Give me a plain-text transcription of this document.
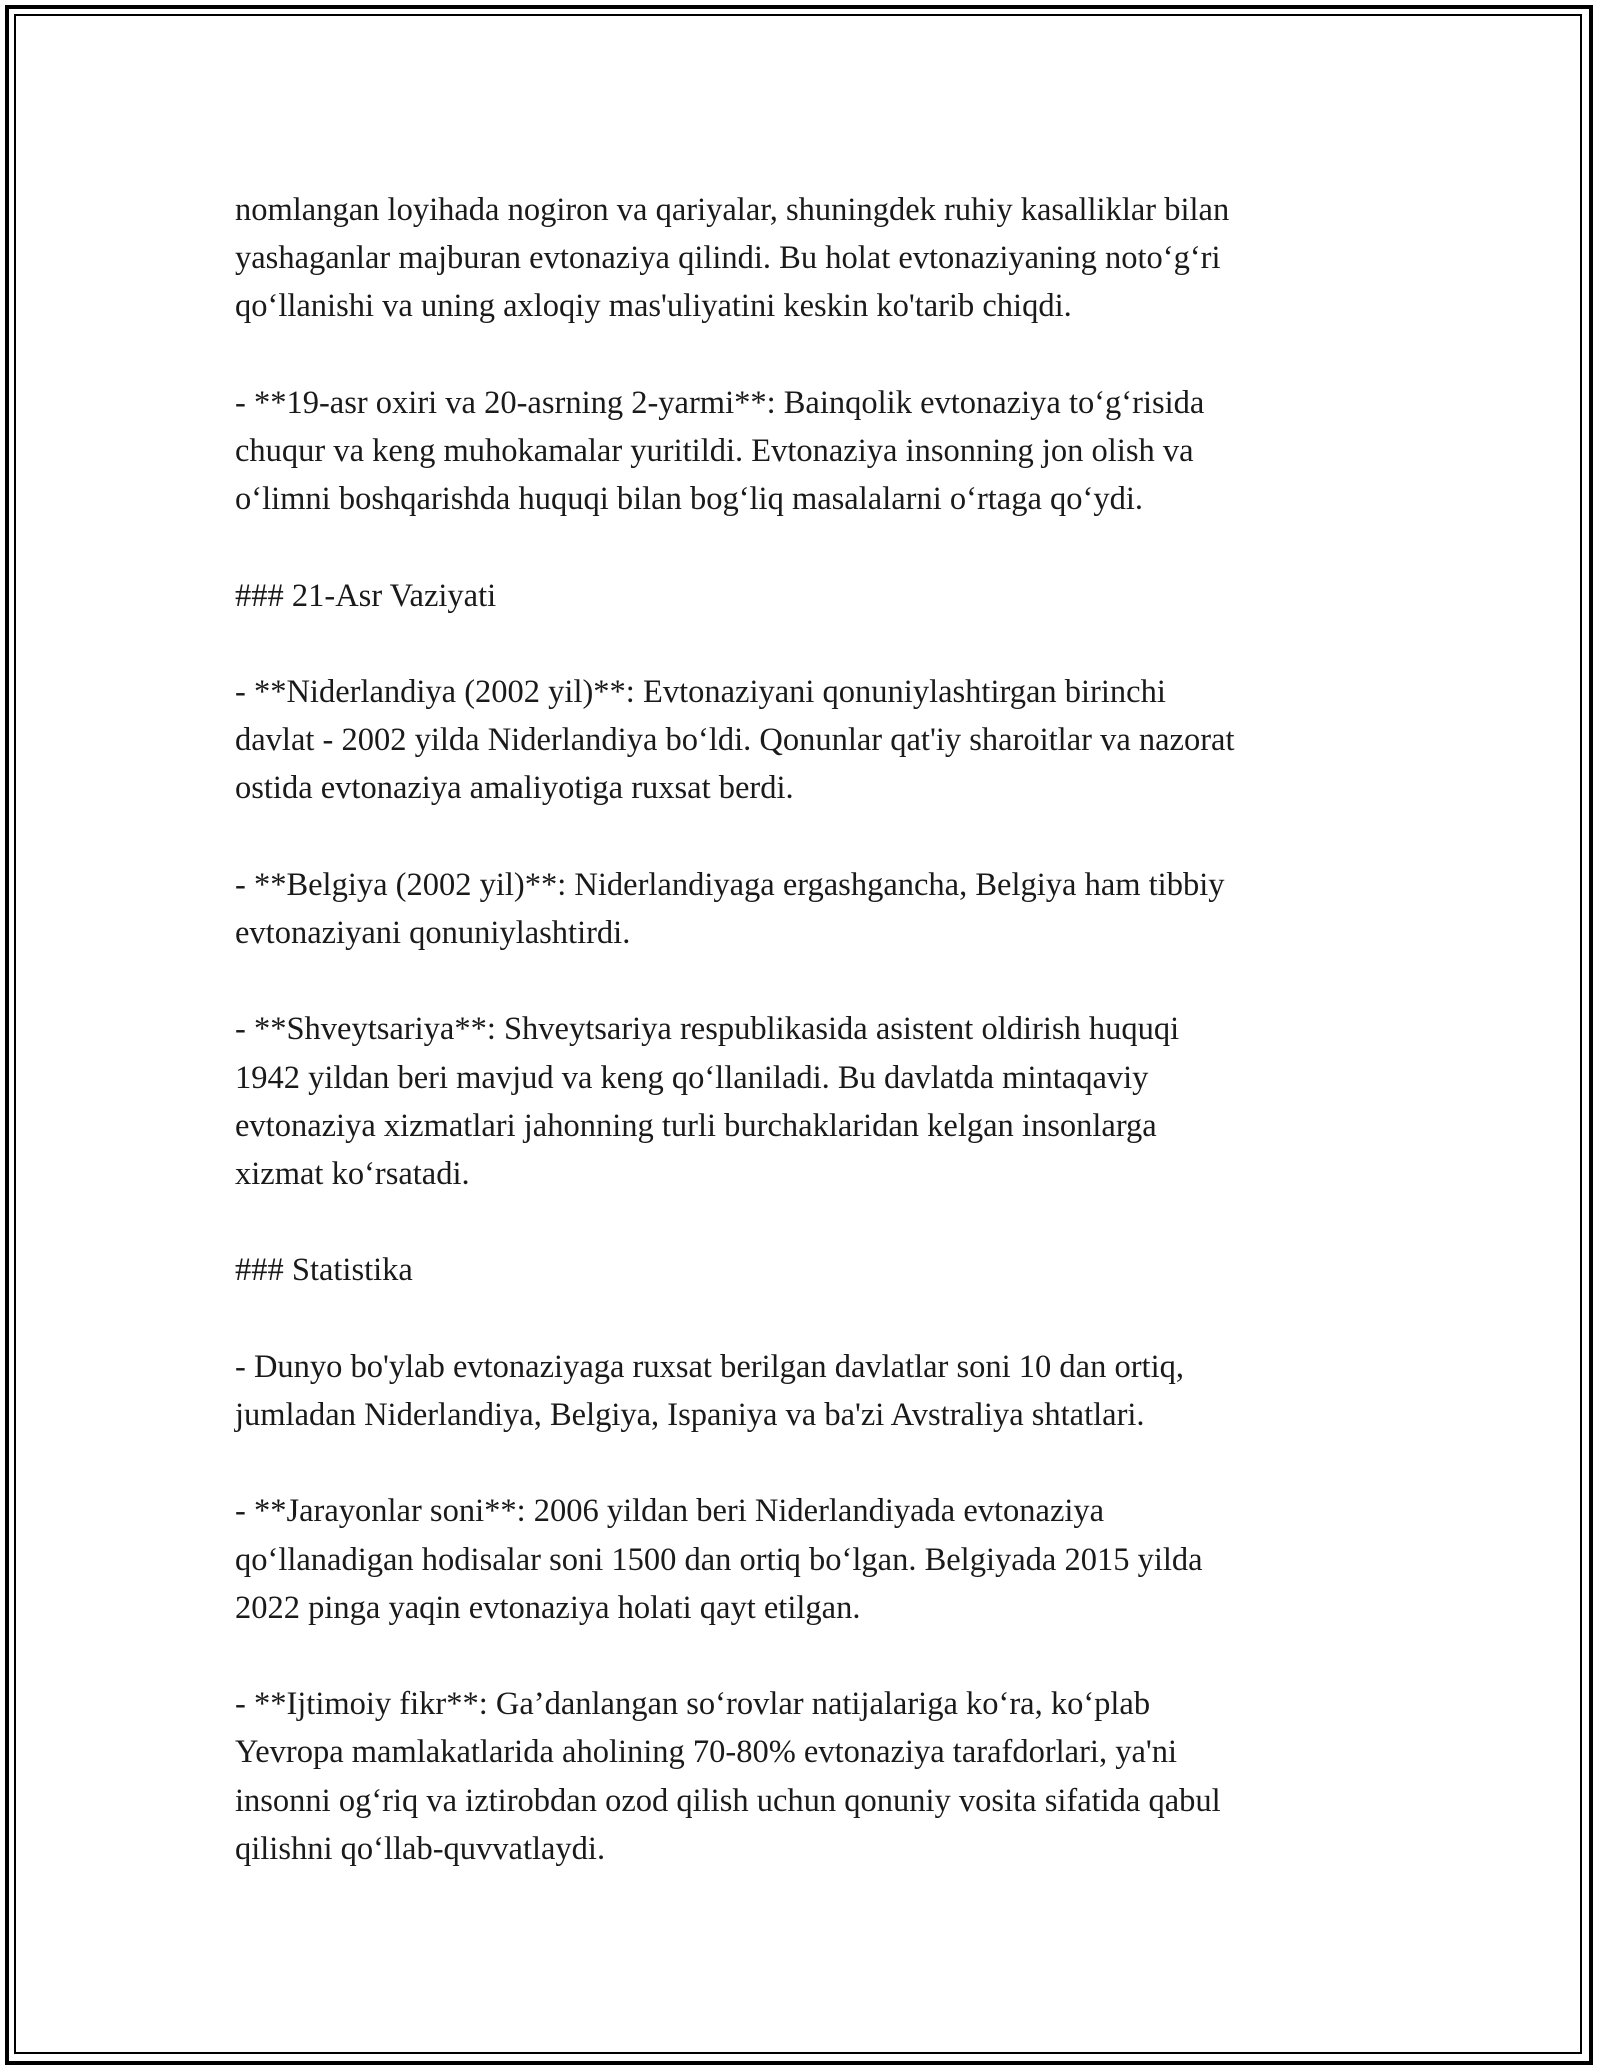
nomlangan loyihada nogiron va qariyalar, shuningdek ruhiy kasalliklar bilan
yashaganlar majburan evtonaziya qilindi. Bu holat evtonaziyaning noto‘g‘ri
qo‘llanishi va uning axloqiy mas'uliyatini keskin ko'tarib chiqdi.

- **19-asr oxiri va 20-asrning 2-yarmi**: Bainqolik evtonaziya to‘g‘risida
chuqur va keng muhokamalar yuritildi. Evtonaziya insonning jon olish va
o‘limni boshqarishda huquqi bilan bog‘liq masalalarni o‘rtaga qo‘ydi.

### 21-Asr Vaziyati

- **Niderlandiya (2002 yil)**: Evtonaziyani qonuniylashtirgan birinchi
davlat - 2002 yilda Niderlandiya bo‘ldi. Qonunlar qat'iy sharoitlar va nazorat
ostida evtonaziya amaliyotiga ruxsat berdi.

- **Belgiya (2002 yil)**: Niderlandiyaga ergashgancha, Belgiya ham tibbiy
evtonaziyani qonuniylashtirdi.

- **Shveytsariya**: Shveytsariya respublikasida asistent oldirish huquqi
1942 yildan beri mavjud va keng qo‘llaniladi. Bu davlatda mintaqaviy
evtonaziya xizmatlari jahonning turli burchaklaridan kelgan insonlarga
xizmat ko‘rsatadi.

### Statistika

- Dunyo bo'ylab evtonaziyaga ruxsat berilgan davlatlar soni 10 dan ortiq,
jumladan Niderlandiya, Belgiya, Ispaniya va ba'zi Avstraliya shtatlari.

- **Jarayonlar soni**: 2006 yildan beri Niderlandiyada evtonaziya
qo‘llanadigan hodisalar soni 1500 dan ortiq bo‘lgan. Belgiyada 2015 yilda
2022 pinga yaqin evtonaziya holati qayt etilgan.

- **Ijtimoiy fikr**: Ga’danlangan so‘rovlar natijalariga ko‘ra, ko‘plab
Yevropa mamlakatlarida aholining 70-80% evtonaziya tarafdorlari, ya'ni
insonni og‘riq va iztirobdan ozod qilish uchun qonuniy vosita sifatida qabul
qilishni qo‘llab-quvvatlaydi.
